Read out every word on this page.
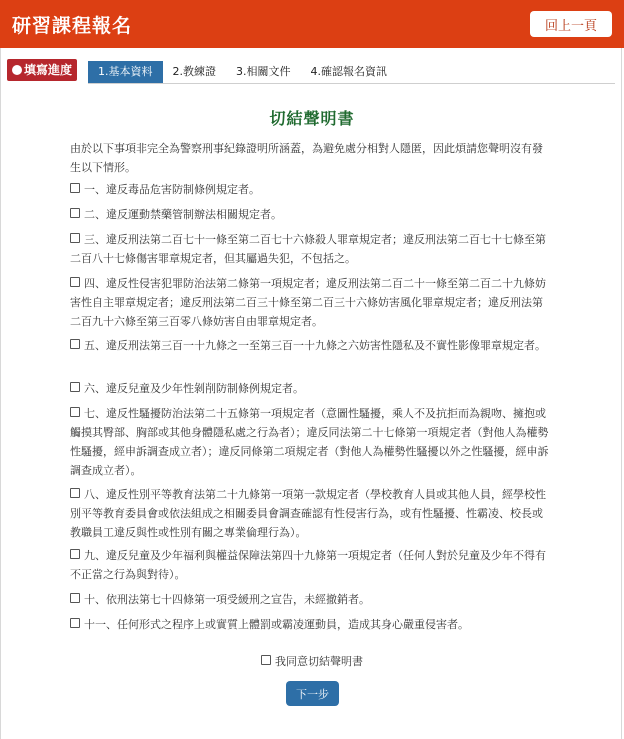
研習課程報名	回上一頁
填寫進度	1.基本資料	2.教練證	3.相關文件	4.確認報名資訊
切結聲明書
由於以下事項非完全為警察刑事紀錄證明所涵蓋，為避免處分相對人隱匿，因此煩請您聲明沒有發生以下情形。
一、違反毒品危害防制條例規定者。
二、違反運動禁藥管制辦法相關規定者。
三、違反刑法第二百七十一條至第二百七十六條殺人罪章規定者；違反刑法第二百七十七條至第二百八十七條傷害罪章規定者，但其屬過失犯，不包括之。
四、違反性侵害犯罪防治法第二條第一項規定者；違反刑法第二百二十一條至第二百二十九條妨害性自主罪章規定者；違反刑法第二百三十條至第二百三十六條妨害風化罪章規定者；違反刑法第二百九十六條至第三百零八條妨害自由罪章規定者。
五、違反刑法第三百一十九條之一至第三百一十九條之六妨害性隱私及不實性影像罪章規定者。
六、違反兒童及少年性剝削防制條例規定者。
七、違反性騷擾防治法第二十五條第一項規定者（意圖性騷擾，乘人不及抗拒而為親吻、擁抱或觸摸其臀部、胸部或其他身體隱私處之行為者）；違反同法第二十七條第一項規定者（對他人為權勢性騷擾，經申訴調查成立者）；違反同條第二項規定者（對他人為權勢性騷擾以外之性騷擾，經申訴調查成立者）。
八、違反性別平等教育法第二十九條第一項第一款規定者（學校教育人員或其他人員，經學校性別平等教育委員會或依法組成之相關委員會調查確認有性侵害行為，或有性騷擾、性霸凌、校長或教職員工違反與性或性別有關之專業倫理行為）。
九、違反兒童及少年福利與權益保障法第四十九條第一項規定者（任何人對於兒童及少年不得有不正當之行為與對待）。
十、依刑法第七十四條第一項受緩刑之宣告，未經撤銷者。
十一、任何形式之程序上或實質上體罰或霸凌運動員，造成其身心嚴重侵害者。
我同意切結聲明書
下一步
